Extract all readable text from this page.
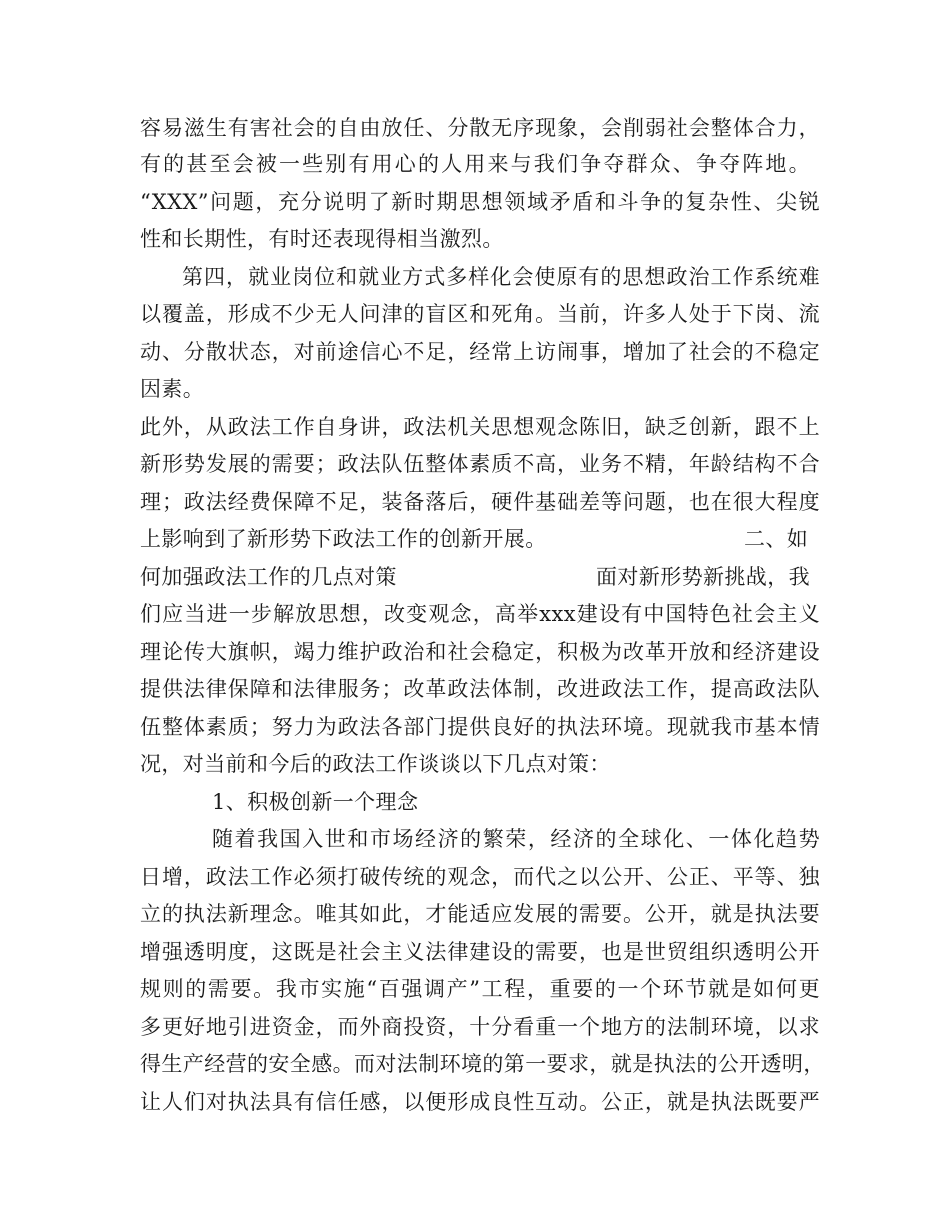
容易滋生有害社会的自由放任、分散无序现象，会削弱社会整体合力，
有的甚至会被一些别有用心的人用来与我们争夺群众、争夺阵地。
“XXX”问题，充分说明了新时期思想领域矛盾和斗争的复杂性、尖锐
性和长期性，有时还表现得相当激烈。
第四，就业岗位和就业方式多样化会使原有的思想政治工作系统难
以覆盖，形成不少无人问津的盲区和死角。当前，许多人处于下岗、流
动、分散状态，对前途信心不足，经常上访闹事，增加了社会的不稳定
因素。
此外，从政法工作自身讲，政法机关思想观念陈旧，缺乏创新，跟不上
新形势发展的需要；政法队伍整体素质不高，业务不精，年龄结构不合
理；政法经费保障不足，装备落后，硬件基础差等问题，也在很大程度
上影响到了新形势下政法工作的创新开展。	二、如
何加强政法工作的几点对策	面对新形势新挑战，我
们应当进一步解放思想，改变观念，高举xxx建设有中国特色社会主义
理论传大旗帜，竭力维护政治和社会稳定，积极为改革开放和经济建设
提供法律保障和法律服务；改革政法体制，改进政法工作，提高政法队
伍整体素质；努力为政法各部门提供良好的执法环境。现就我市基本情
况，对当前和今后的政法工作谈谈以下几点对策：
1、积极创新一个理念
随着我国入世和市场经济的繁荣，经济的全球化、一体化趋势
日增，政法工作必须打破传统的观念，而代之以公开、公正、平等、独
立的执法新理念。唯其如此，才能适应发展的需要。公开，就是执法要
增强透明度，这既是社会主义法律建设的需要，也是世贸组织透明公开
规则的需要。我市实施“百强调产”工程，重要的一个环节就是如何更
多更好地引进资金，而外商投资，十分看重一个地方的法制环境，以求
得生产经营的安全感。而对法制环境的第一要求，就是执法的公开透明，
让人们对执法具有信任感，以便形成良性互动。公正，就是执法既要严
